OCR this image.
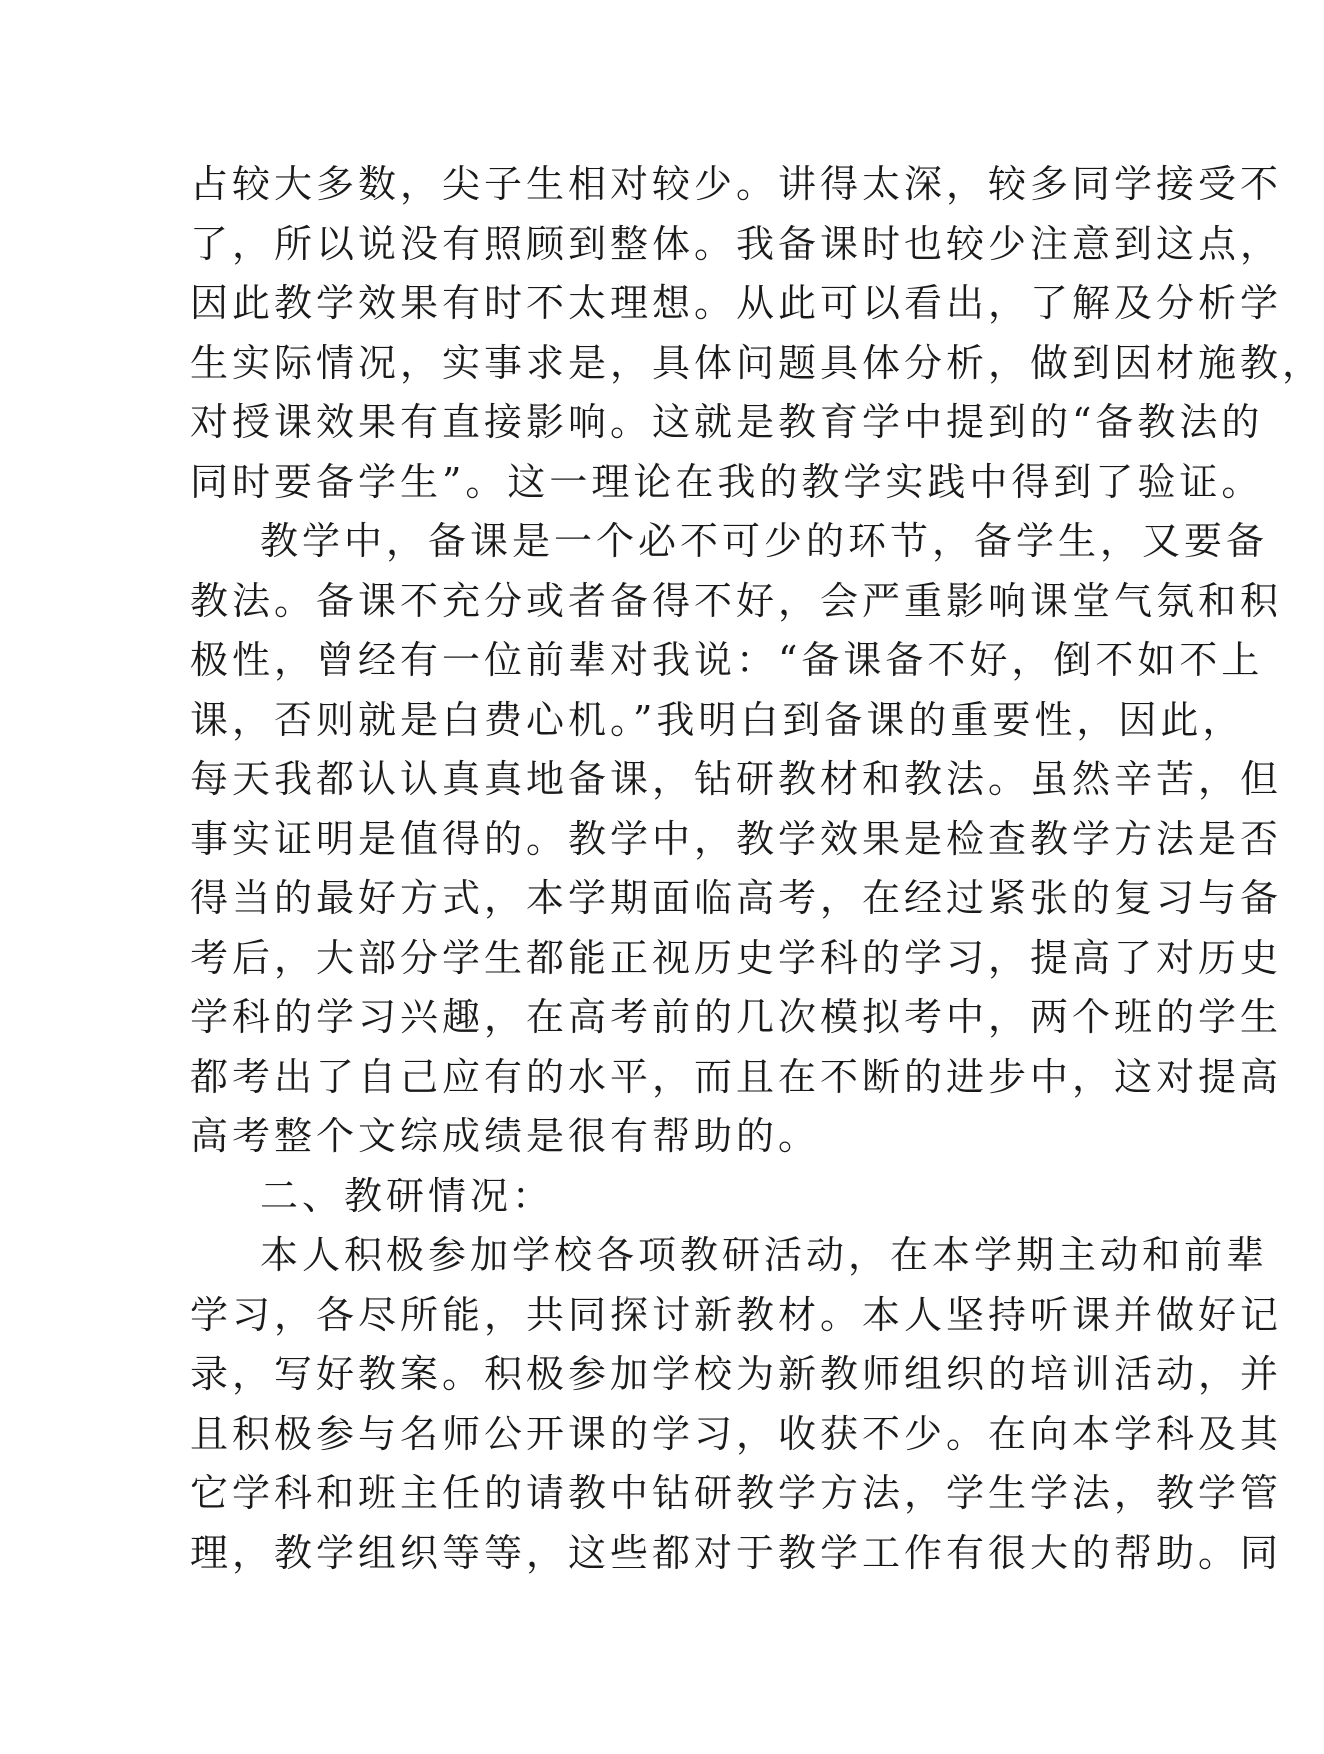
占较大多数，尖子生相对较少。讲得太深，较多同学接受不
了，所以说没有照顾到整体。我备课时也较少注意到这点，
因此教学效果有时不太理想。从此可以看出，了解及分析学
生实际情况，实事求是，具体问题具体分析，做到因材施教，
对授课效果有直接影响。这就是教育学中提到的“备教法的
同时要备学生”。这一理论在我的教学实践中得到了验证。
教学中，备课是一个必不可少的环节，备学生，又要备
教法。备课不充分或者备得不好，会严重影响课堂气氛和积
极性，曾经有一位前辈对我说：“备课备不好，倒不如不上
课，否则就是白费心机。”我明白到备课的重要性，因此，
每天我都认认真真地备课，钻研教材和教法。虽然辛苦，但
事实证明是值得的。教学中，教学效果是检查教学方法是否
得当的最好方式，本学期面临高考，在经过紧张的复习与备
考后，大部分学生都能正视历史学科的学习，提高了对历史
学科的学习兴趣，在高考前的几次模拟考中，两个班的学生
都考出了自己应有的水平，而且在不断的进步中，这对提高
高考整个文综成绩是很有帮助的。
二、教研情况：
本人积极参加学校各项教研活动，在本学期主动和前辈
学习，各尽所能，共同探讨新教材。本人坚持听课并做好记
录，写好教案。积极参加学校为新教师组织的培训活动，并
且积极参与名师公开课的学习，收获不少。在向本学科及其
它学科和班主任的请教中钻研教学方法，学生学法，教学管
理，教学组织等等，这些都对于教学工作有很大的帮助。同
